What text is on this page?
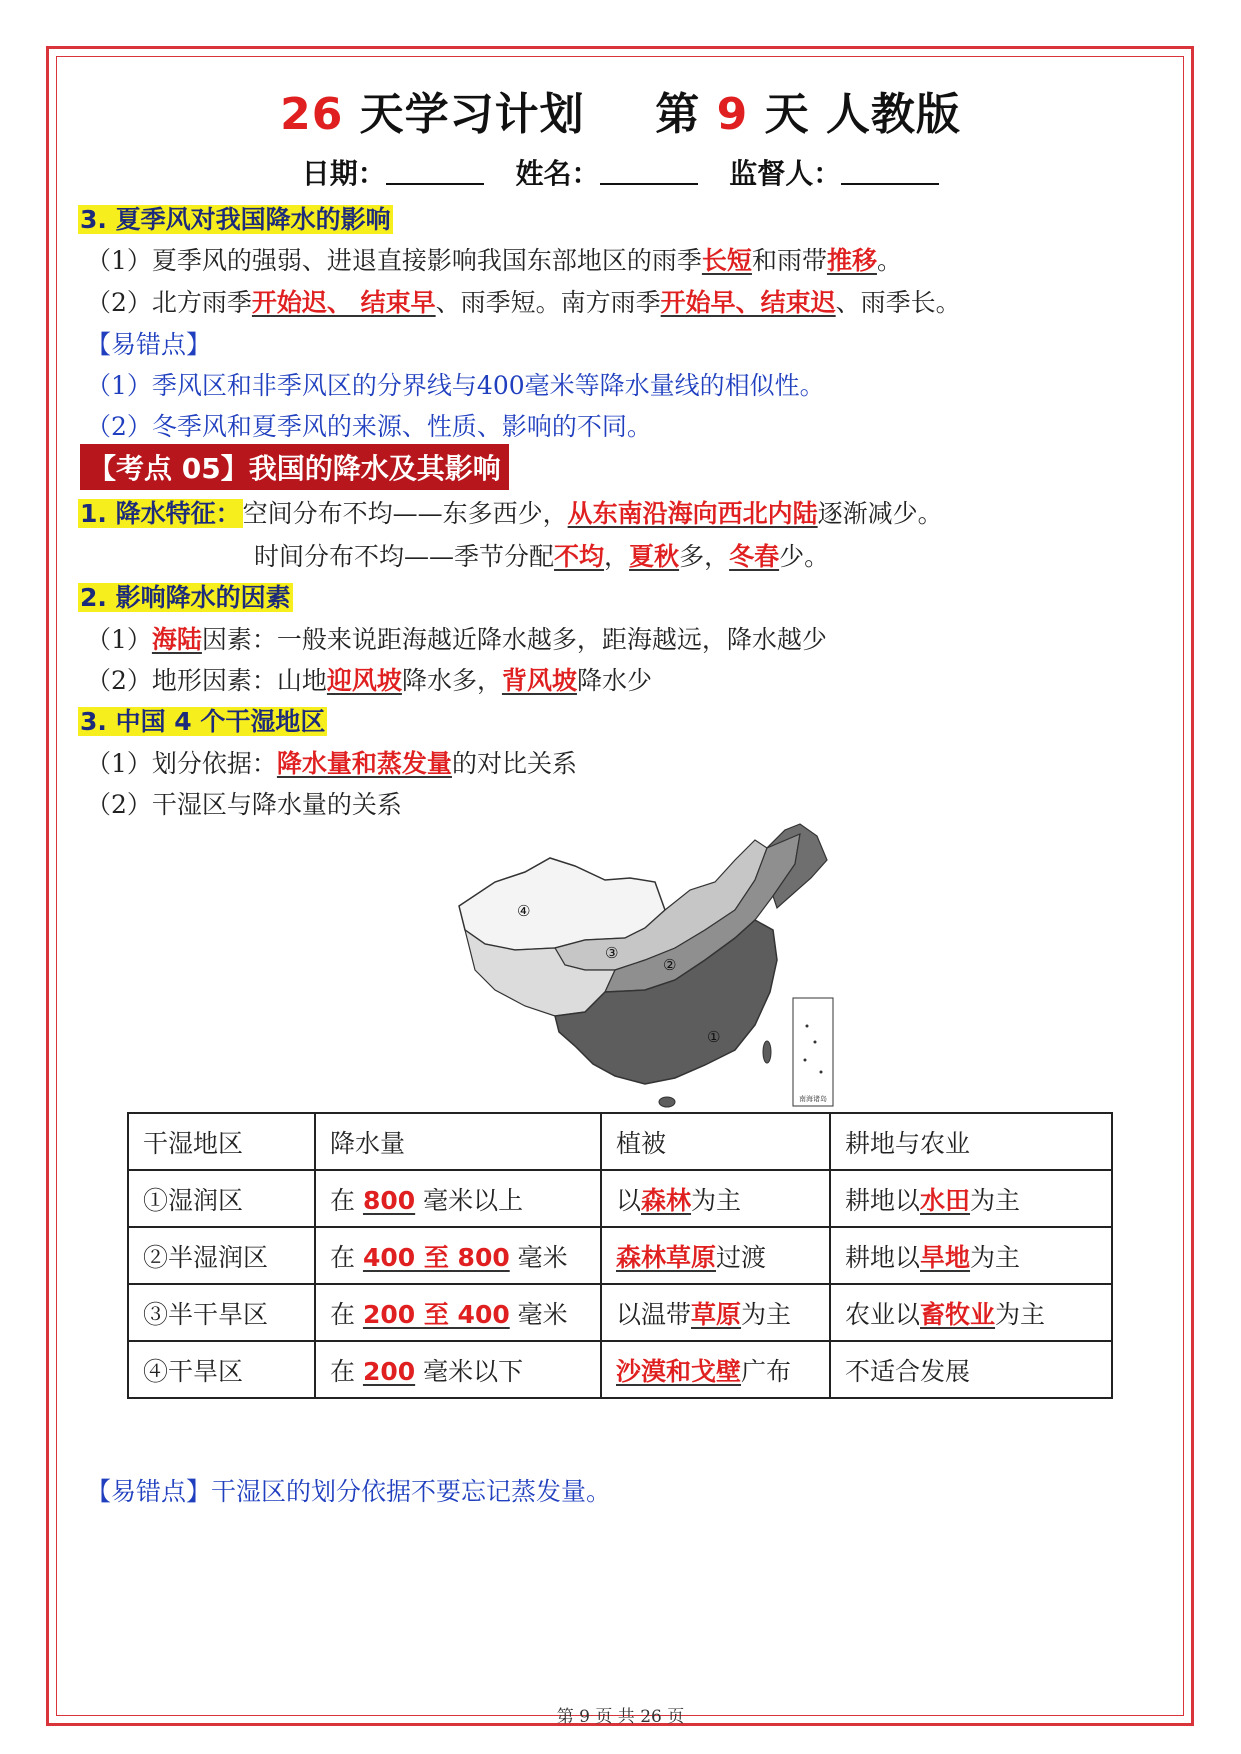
26 天学习计划 第 9 天 人教版
日期：	姓名：	监督人：
3. 夏季风对我国降水的影响
（1）夏季风的强弱、进退直接影响我国东部地区的雨季长短和雨带推移。
（2）北方雨季开始迟、 结束早、雨季短。南方雨季开始早、结束迟、雨季长。
【易错点】
（1）季风区和非季风区的分界线与400毫米等降水量线的相似性。
（2）冬季风和夏季风的来源、性质、影响的不同。
【考点 05】我国的降水及其影响
1. 降水特征：空间分布不均——东多西少，从东南沿海向西北内陆逐渐减少。
时间分布不均——季节分配不均，夏秋多，冬春少。
2. 影响降水的因素
（1）海陆因素：一般来说距海越近降水越多，距海越远，降水越少
（2）地形因素：山地迎风坡降水多，背风坡降水少
3. 中国 4 个干湿地区
（1）划分依据：降水量和蒸发量的对比关系
（2）干湿区与降水量的关系
南海诸岛
①
②
③
④
干湿地区	降水量	植被	耕地与农业
①湿润区	在 800 毫米以上	以森林为主	耕地以水田为主
②半湿润区	在 400 至 800 毫米	森林草原过渡	耕地以旱地为主
③半干旱区	在 200 至 400 毫米	以温带草原为主	农业以畜牧业为主
④干旱区	在 200 毫米以下	沙漠和戈壁广布	不适合发展
【易错点】干湿区的划分依据不要忘记蒸发量。
第 9 页 共 26 页
